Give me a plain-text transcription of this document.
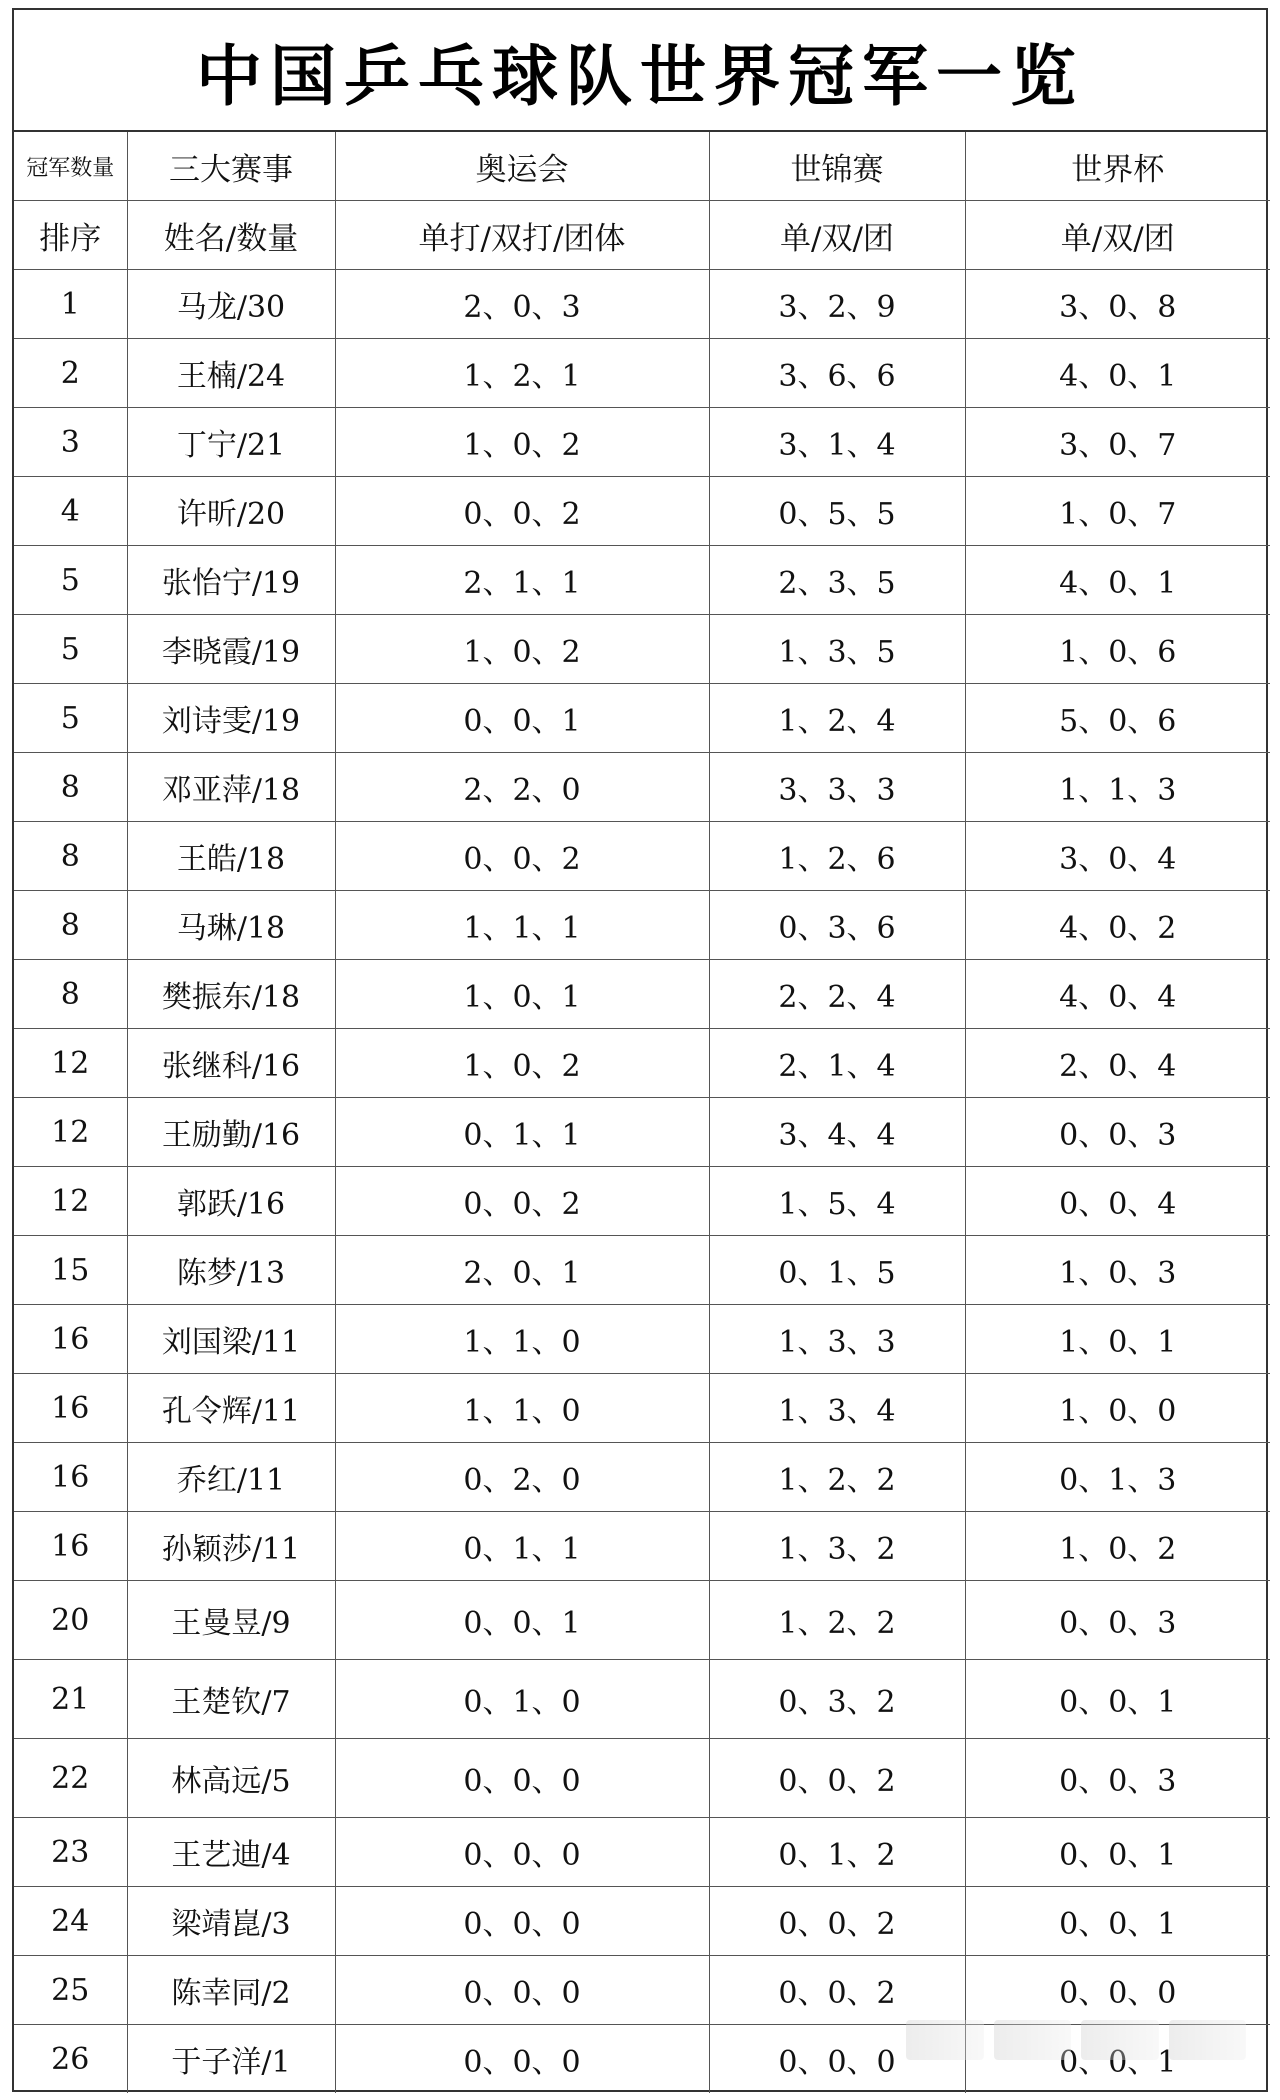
中国乒乓球队世界冠军一览
冠军数量	三大赛事	奥运会	世锦赛	世界杯
排序	姓名/数量	单打/双打/团体	单/双/团	单/双/团
1	马龙/30	2、0、3	3、2、9	3、0、8
2	王楠/24	1、2、1	3、6、6	4、0、1
3	丁宁/21	1、0、2	3、1、4	3、0、7
4	许昕/20	0、0、2	0、5、5	1、0、7
5	张怡宁/19	2、1、1	2、3、5	4、0、1
5	李晓霞/19	1、0、2	1、3、5	1、0、6
5	刘诗雯/19	0、0、1	1、2、4	5、0、6
8	邓亚萍/18	2、2、0	3、3、3	1、1、3
8	王皓/18	0、0、2	1、2、6	3、0、4
8	马琳/18	1、1、1	0、3、6	4、0、2
8	樊振东/18	1、0、1	2、2、4	4、0、4
12	张继科/16	1、0、2	2、1、4	2、0、4
12	王励勤/16	0、1、1	3、4、4	0、0、3
12	郭跃/16	0、0、2	1、5、4	0、0、4
15	陈梦/13	2、0、1	0、1、5	1、0、3
16	刘国梁/11	1、1、0	1、3、3	1、0、1
16	孔令辉/11	1、1、0	1、3、4	1、0、0
16	乔红/11	0、2、0	1、2、2	0、1、3
16	孙颖莎/11	0、1、1	1、3、2	1、0、2
20	王曼昱/9	0、0、1	1、2、2	0、0、3
21	王楚钦/7	0、1、0	0、3、2	0、0、1
22	林高远/5	0、0、0	0、0、2	0、0、3
23	王艺迪/4	0、0、0	0、1、2	0、0、1
24	梁靖崑/3	0、0、0	0、0、2	0、0、1
25	陈幸同/2	0、0、0	0、0、2	0、0、0
26	于子洋/1	0、0、0	0、0、0	0、0、1
